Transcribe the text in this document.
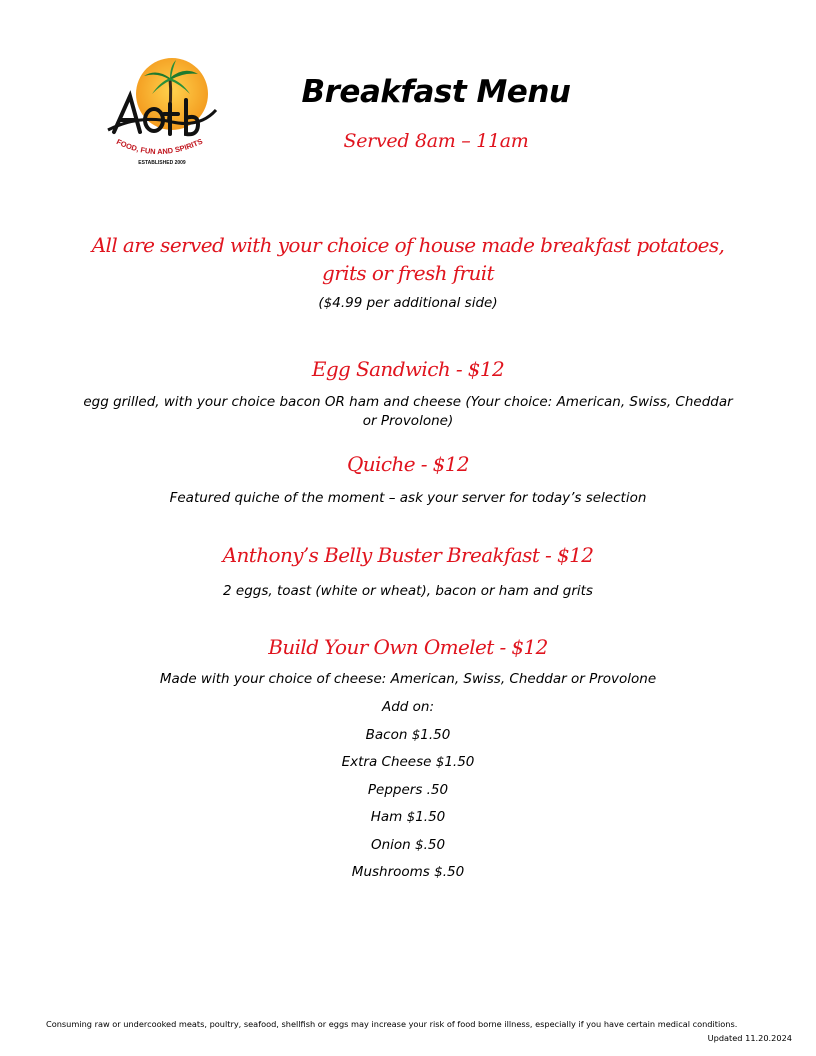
FOOD, FUN AND SPIRITS
ESTABLISHED 2009
Breakfast Menu
Served 8am – 11am
All are served with your choice of house made breakfast potatoes, grits or fresh fruit
($4.99 per additional side)
Egg Sandwich - $12
egg grilled, with your choice bacon OR ham and cheese (Your choice: American, Swiss, Cheddar or Provolone)
Quiche - $12
Featured quiche of the moment – ask your server for today’s selection
Anthony’s Belly Buster Breakfast - $12
2 eggs, toast (white or wheat), bacon or ham and grits
Build Your Own Omelet - $12
Made with your choice of cheese: American, Swiss, Cheddar or Provolone
Add on:
Bacon $1.50
Extra Cheese $1.50
Peppers .50
Ham $1.50
Onion $.50
Mushrooms $.50
Consuming raw or undercooked meats, poultry, seafood, shellfish or eggs may increase your risk of food borne illness, especially if you have certain medical conditions.
Updated 11.20.2024
